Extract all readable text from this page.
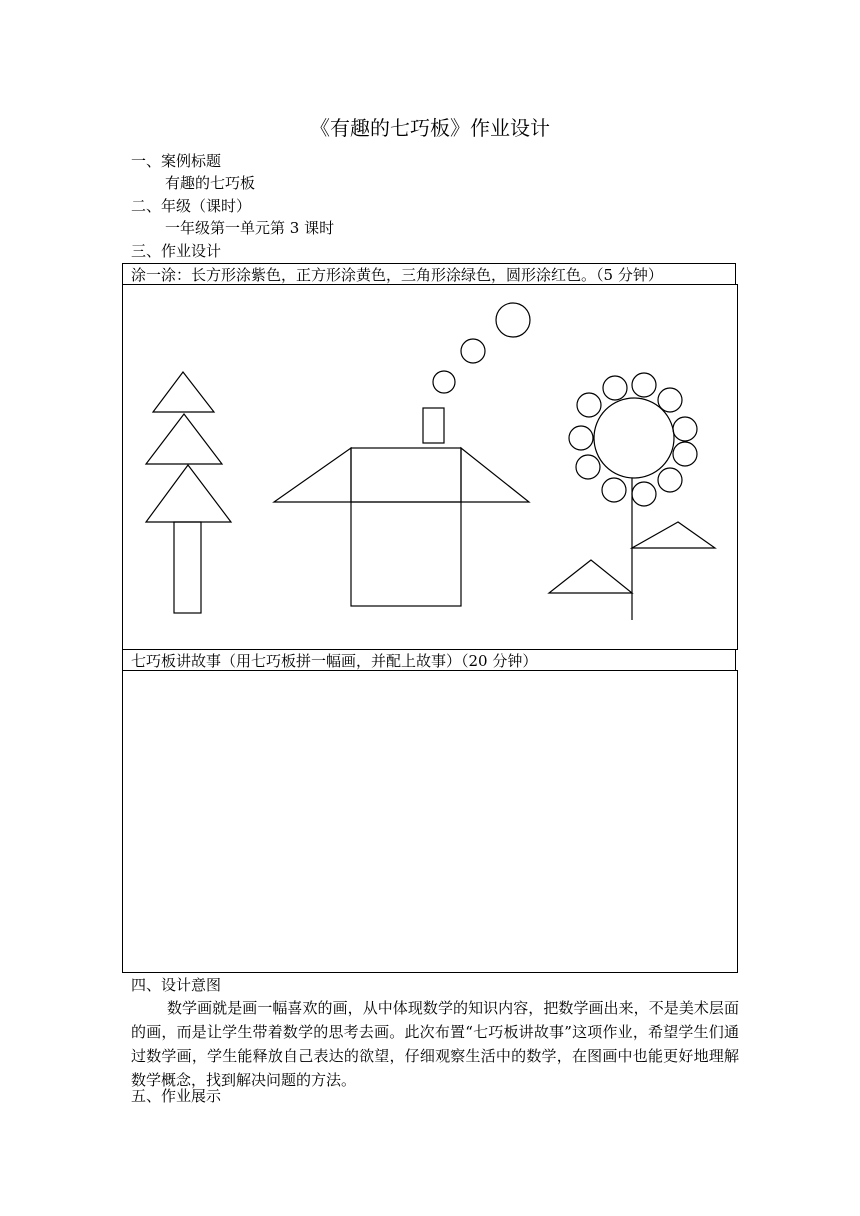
《有趣的七巧板》作业设计
一、案例标题
有趣的七巧板
二、年级（课时）
一年级第一单元第 3 课时
三、作业设计
涂一涂：长方形涂紫色，正方形涂黄色，三角形涂绿色，圆形涂红色。（5 分钟）
七巧板讲故事（用七巧板拼一幅画，并配上故事）（20 分钟）
四、设计意图
数学画就是画一幅喜欢的画，从中体现数学的知识内容，把数学画出来，不是美术层面的画，而是让学生带着数学的思考去画。此次布置“七巧板讲故事”这项作业，希望学生们通过数学画，学生能释放自己表达的欲望，仔细观察生活中的数学，在图画中也能更好地理解数学概念，找到解决问题的方法。
五、作业展示
